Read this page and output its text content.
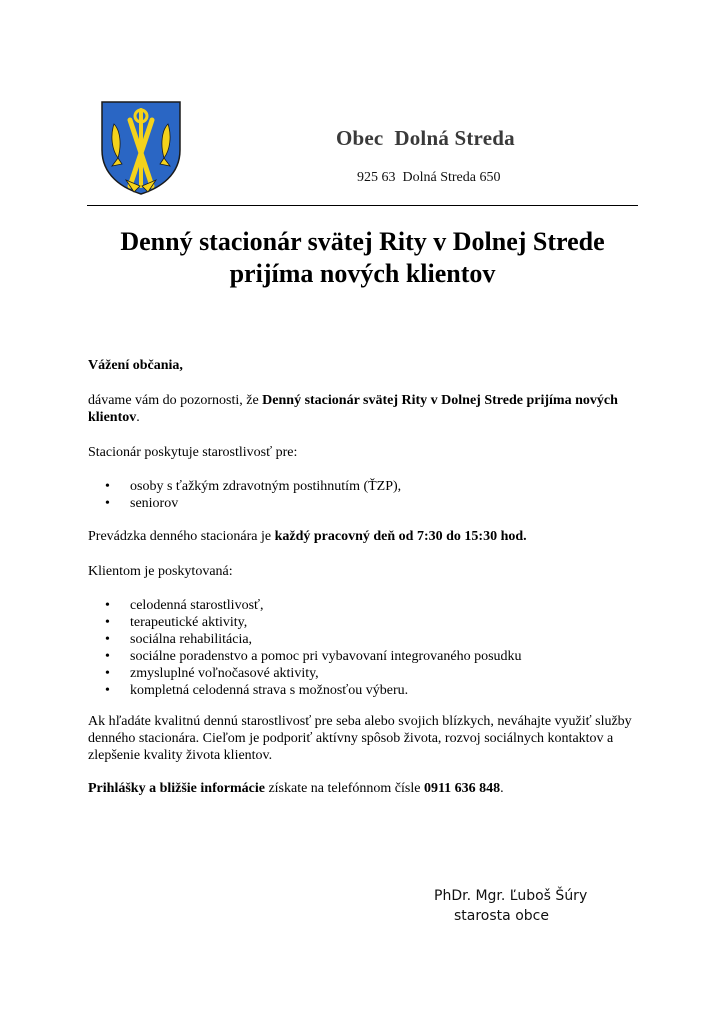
Obec  Dolná Streda
925 63  Dolná Streda 650
Denný stacionár svätej Rity v Dolnej Strede
prijíma nových klientov
Vážení občania,
dávame vám do pozornosti, že Denný stacionár svätej Rity v Dolnej Strede prijíma nových klientov.
Stacionár poskytuje starostlivosť pre:
• osoby s ťažkým zdravotným postihnutím (ŤZP),
• seniorov
Prevádzka denného stacionára je každý pracovný deň od 7:30 do 15:30 hod.
Klientom je poskytovaná:
• celodenná starostlivosť,
• terapeutické aktivity,
• sociálna rehabilitácia,
• sociálne poradenstvo a pomoc pri vybavovaní integrovaného posudku
• zmysluplné voľnočasové aktivity,
• kompletná celodenná strava s možnosťou výberu.
Ak hľadáte kvalitnú dennú starostlivosť pre seba alebo svojich blízkych, neváhajte využiť služby denného stacionára. Cieľom je podporiť aktívny spôsob života, rozvoj sociálnych kontaktov a zlepšenie kvality života klientov.
Prihlášky a bližšie informácie získate na telefónnom čísle 0911 636 848.
PhDr. Mgr. Ľuboš Šúry
starosta obce
